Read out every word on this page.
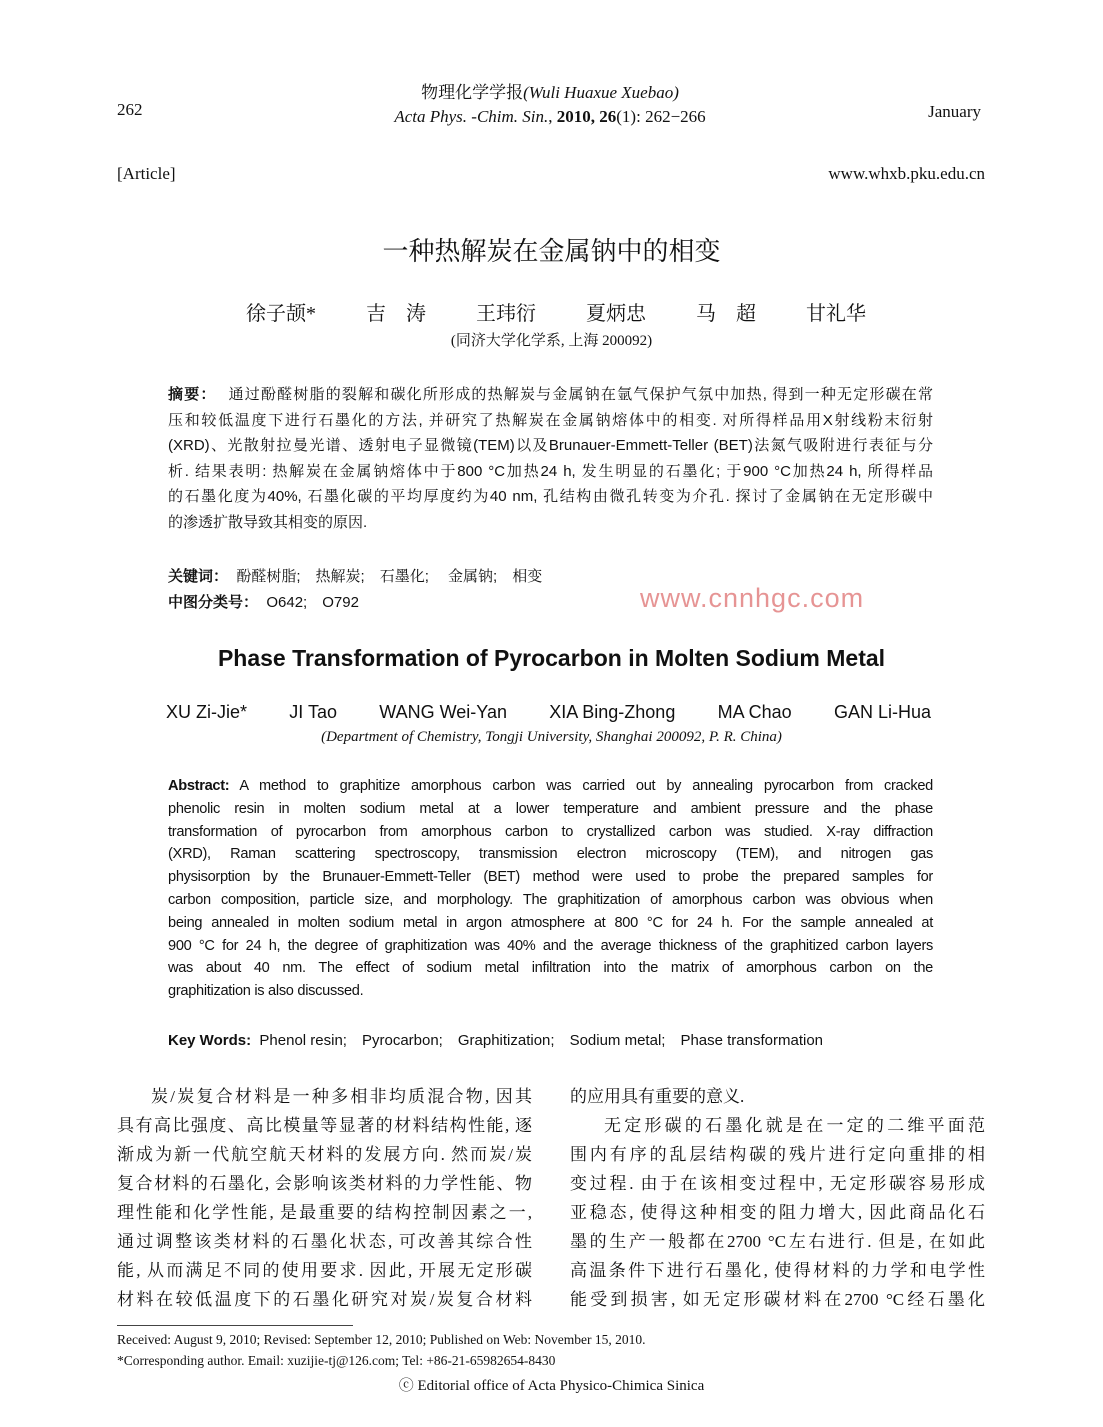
262
物理化学学报(Wuli Huaxue Xuebao)
Acta Phys. -Chim. Sin., 2010, 26(1): 262−266	January
[Article]	www.whxb.pku.edu.cn
一种热解炭在金属钠中的相变
徐子颉*	吉　涛	王玮衍	夏炳忠	马　超	甘礼华
(同济大学化学系, 上海 200092)
摘要： 通过酚醛树脂的裂解和碳化所形成的热解炭与金属钠在氩气保护气氛中加热, 得到一种无定形碳在常
压和较低温度下进行石墨化的方法, 并研究了热解炭在金属钠熔体中的相变. 对所得样品用X射线粉末衍射
(XRD)、光散射拉曼光谱、透射电子显微镜(TEM)以及Brunauer-Emmett-Teller (BET)法氮气吸附进行表征与分
析. 结果表明: 热解炭在金属钠熔体中于800 °C加热24 h, 发生明显的石墨化; 于900 °C加热24 h, 所得样品
的石墨化度为40%, 石墨化碳的平均厚度约为40 nm, 孔结构由微孔转变为介孔. 探讨了金属钠在无定形碳中
的渗透扩散导致其相变的原因.
关键词： 酚醛树脂;　热解炭;　石墨化;　 金属钠;　相变
中图分类号： O642;　O792	www.cnnhgc.com
Phase Transformation of Pyrocarbon in Molten Sodium Metal
XU Zi-Jie* JI Tao WANG Wei-Yan XIA Bing-Zhong MA Chao GAN Li-Hua
(Department of Chemistry, Tongji University, Shanghai 200092, P. R. China)
Abstract: A method to graphitize amorphous carbon was carried out by annealing pyrocarbon from cracked
phenolic resin in molten sodium metal at a lower temperature and ambient pressure and the phase
transformation of pyrocarbon from amorphous carbon to crystallized carbon was studied. X-ray diffraction
(XRD), Raman scattering spectroscopy, transmission electron microscopy (TEM), and nitrogen gas
physisorption by the Brunauer-Emmett-Teller (BET) method were used to probe the prepared samples for
carbon composition, particle size, and morphology. The graphitization of amorphous carbon was obvious when
being annealed in molten sodium metal in argon atmosphere at 800 °C for 24 h. For the sample annealed at
900 °C for 24 h, the degree of graphitization was 40% and the average thickness of the graphitized carbon layers
was about 40 nm. The effect of sodium metal infiltration into the matrix of amorphous carbon on the
graphitization is also discussed.
Key Words: Phenol resin;　Pyrocarbon;　Graphitization;　Sodium metal;　Phase transformation
炭/炭复合材料是一种多相非均质混合物, 因其
具有高比强度、高比模量等显著的材料结构性能, 逐
渐成为新一代航空航天材料的发展方向. 然而炭/炭
复合材料的石墨化, 会影响该类材料的力学性能、物
理性能和化学性能, 是最重要的结构控制因素之一,
通过调整该类材料的石墨化状态, 可改善其综合性
能, 从而满足不同的使用要求. 因此, 开展无定形碳
材料在较低温度下的石墨化研究对炭/炭复合材料
的应用具有重要的意义.
无定形碳的石墨化就是在一定的二维平面范
围内有序的乱层结构碳的残片进行定向重排的相
变过程. 由于在该相变过程中, 无定形碳容易形成
亚稳态, 使得这种相变的阻力增大, 因此商品化石
墨的生产一般都在2700 °C左右进行. 但是, 在如此
高温条件下进行石墨化, 使得材料的力学和电学性
能受到损害, 如无定形碳材料在2700 °C经石墨化
Received: August 9, 2010; Revised: September 12, 2010; Published on Web: November 15, 2010.
*Corresponding author. Email: xuzijie-tj@126.com; Tel: +86-21-65982654-8430
ⓒ Editorial office of Acta Physico-Chimica Sinica
